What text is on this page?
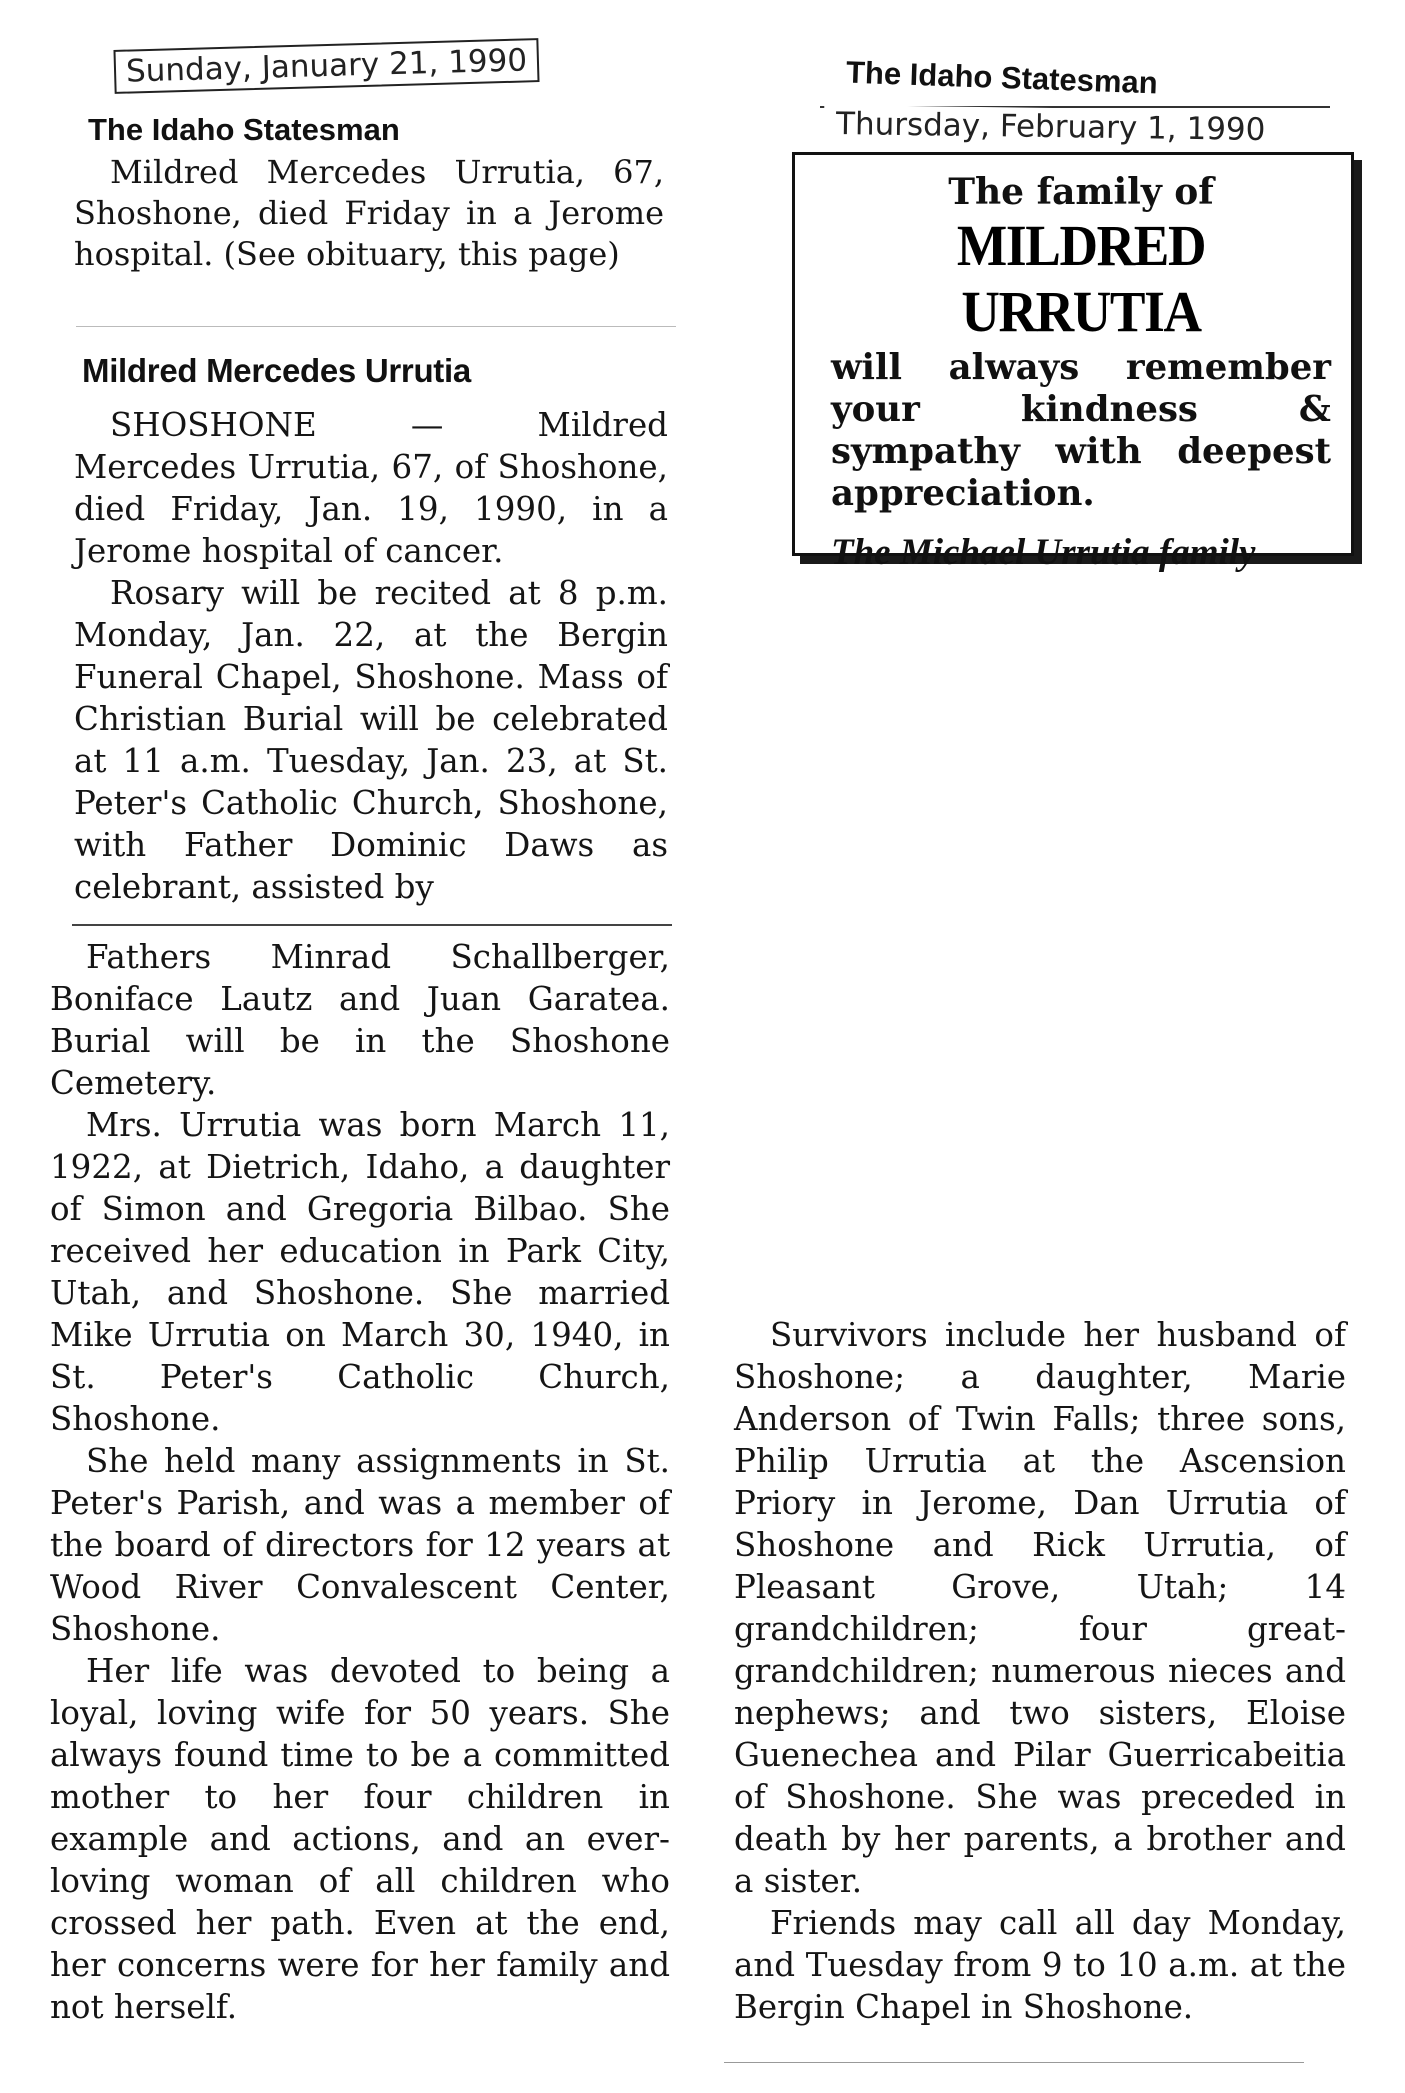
Sunday, January 21, 1990
The Idaho Statesman

Mildred Mercedes Urrutia, 67, Shoshone, died Friday in a Jerome hospital. (See obituary, this page)

Mildred Mercedes Urrutia

SHOSHONE — Mildred Mercedes Urrutia, 67, of Shoshone, died Friday, Jan. 19, 1990, in a Jerome hospital of cancer.

Rosary will be recited at 8 p.m. Monday, Jan. 22, at the Bergin Funeral Chapel, Shoshone. Mass of Christian Burial will be celebrated at 11 a.m. Tuesday, Jan. 23, at St. Peter's Catholic Church, Shoshone, with Father Dominic Daws as celebrant, assisted by

Fathers Minrad Schallberger, Boniface Lautz and Juan Garatea. Burial will be in the Shoshone Cemetery.

Mrs. Urrutia was born March 11, 1922, at Dietrich, Idaho, a daughter of Simon and Gregoria Bilbao. She received her education in Park City, Utah, and Shoshone. She married Mike Urrutia on March 30, 1940, in St. Peter's Catholic Church, Shoshone.

She held many assignments in St. Peter's Parish, and was a member of the board of directors for 12 years at Wood River Convalescent Center, Shoshone.

Her life was devoted to being a loyal, loving wife for 50 years. She always found time to be a committed mother to her four children in example and actions, and an ever-loving woman of all children who crossed her path. Even at the end, her concerns were for her family and not herself.

Survivors include her husband of Shoshone; a daughter, Marie Anderson of Twin Falls; three sons, Philip Urrutia at the Ascension Priory in Jerome, Dan Urrutia of Shoshone and Rick Urrutia, of Pleasant Grove, Utah; 14 grandchildren; four great-grandchildren; numerous nieces and nephews; and two sisters, Eloise Guenechea and Pilar Guerricabeitia of Shoshone. She was preceded in death by her parents, a brother and a sister.

Friends may call all day Monday, and Tuesday from 9 to 10 a.m. at the Bergin Chapel in Shoshone.

The Idaho Statesman
Thursday, February 1, 1990
The family of
MILDRED URRUTIA
will always remember your kindness & sympathy with deepest appreciation.
The Michael Urrutia family
